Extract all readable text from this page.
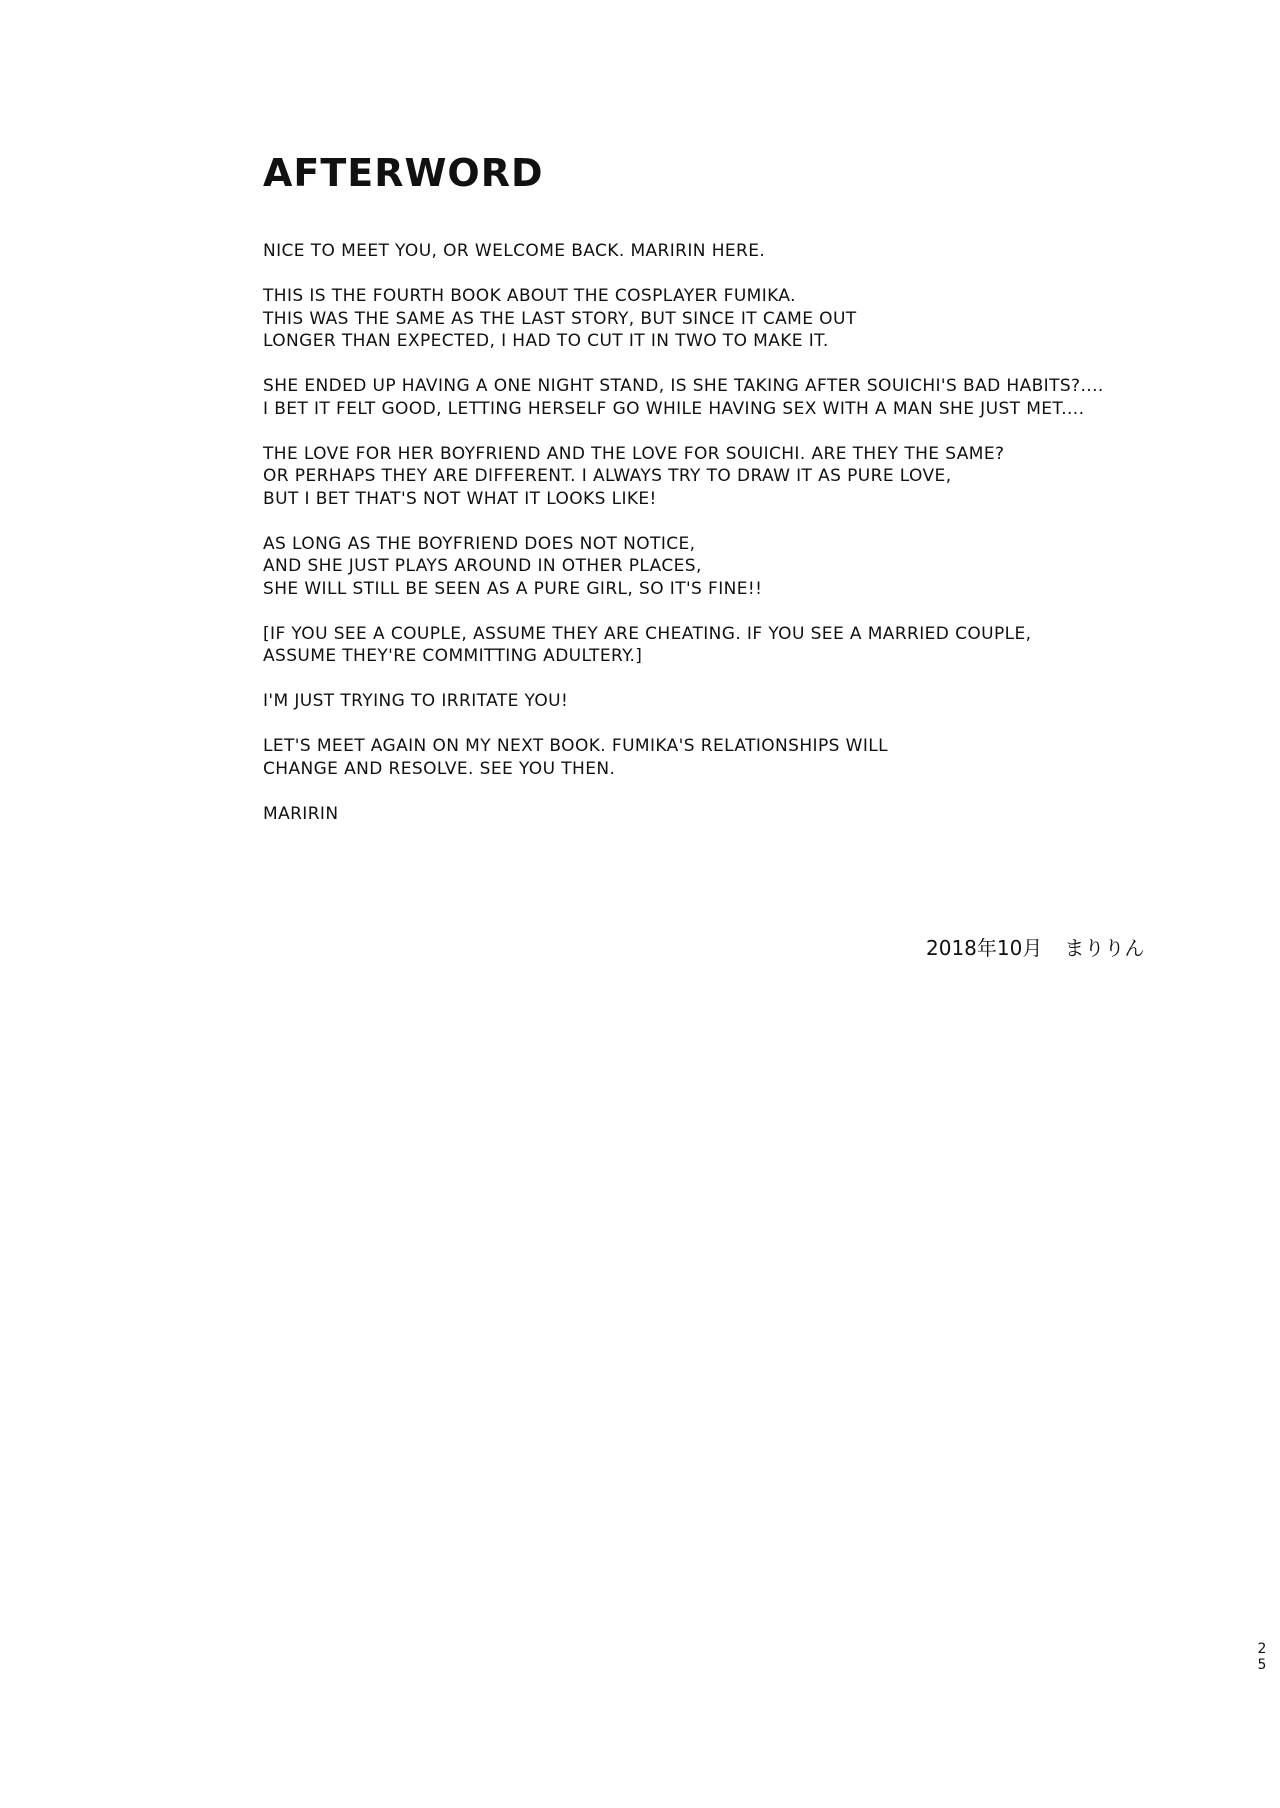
AFTERWORD

NICE TO MEET YOU, OR WELCOME BACK. MARIRIN HERE.

THIS IS THE FOURTH BOOK ABOUT THE COSPLAYER FUMIKA.
THIS WAS THE SAME AS THE LAST STORY, BUT SINCE IT CAME OUT
LONGER THAN EXPECTED, I HAD TO CUT IT IN TWO TO MAKE IT.

SHE ENDED UP HAVING A ONE NIGHT STAND, IS SHE TAKING AFTER SOUICHI'S BAD HABITS?....
I BET IT FELT GOOD, LETTING HERSELF GO WHILE HAVING SEX WITH A MAN SHE JUST MET....

THE LOVE FOR HER BOYFRIEND AND THE LOVE FOR SOUICHI. ARE THEY THE SAME?
OR PERHAPS THEY ARE DIFFERENT. I ALWAYS TRY TO DRAW IT AS PURE LOVE,
BUT I BET THAT'S NOT WHAT IT LOOKS LIKE!

AS LONG AS THE BOYFRIEND DOES NOT NOTICE,
AND SHE JUST PLAYS AROUND IN OTHER PLACES,
SHE WILL STILL BE SEEN AS A PURE GIRL, SO IT'S FINE!!

[IF YOU SEE A COUPLE, ASSUME THEY ARE CHEATING. IF YOU SEE A MARRIED COUPLE,
ASSUME THEY'RE COMMITTING ADULTERY.]

I'M JUST TRYING TO IRRITATE YOU!

LET'S MEET AGAIN ON MY NEXT BOOK. FUMIKA'S RELATIONSHIPS WILL
CHANGE AND RESOLVE. SEE YOU THEN.

MARIRIN

2018年10月 まりりん
2
5
